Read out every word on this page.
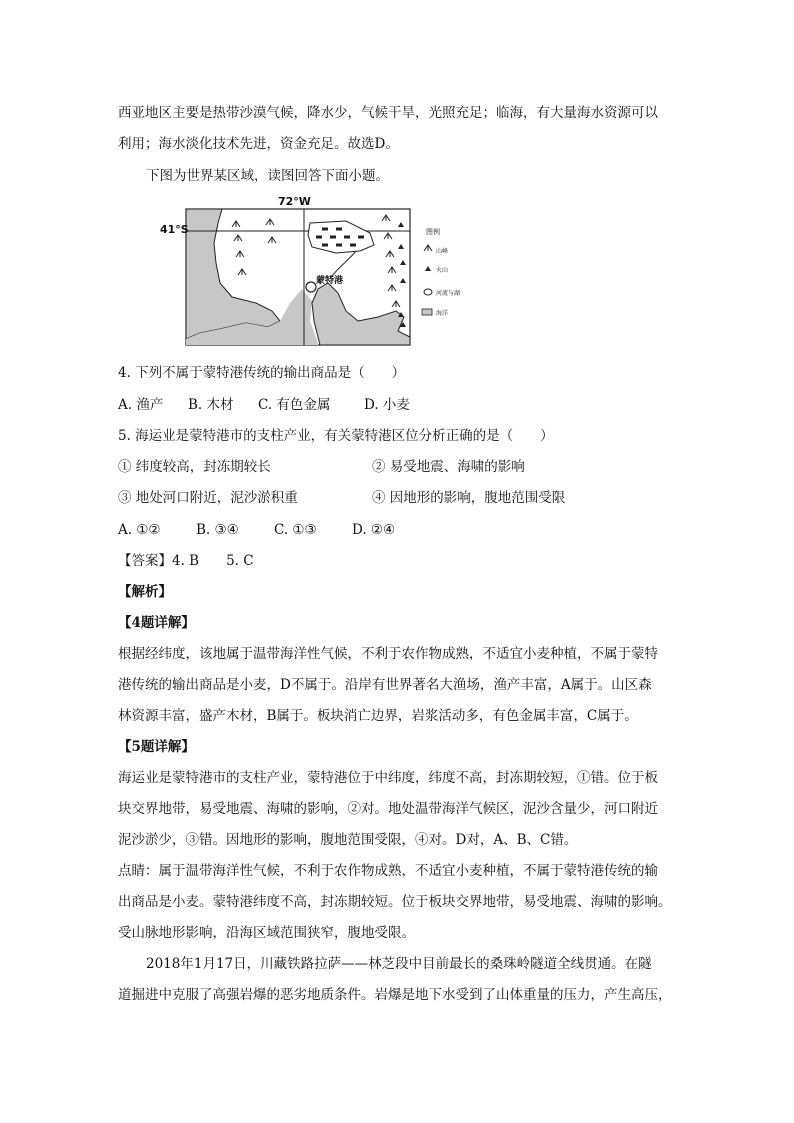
西亚地区主要是热带沙漠气候，降水少，气候干旱，光照充足；临海，有大量海水资源可以
利用；海水淡化技术先进，资金充足。故选D。
下图为世界某区域，读图回答下面小题。
72°W
41°S
蒙特港
图例
山峰
火山
河流与湖
海洋
4. 下列不属于蒙特港传统的输出商品是（　　）
A. 渔产 B. 木材 C. 有色金属 D. 小麦
5. 海运业是蒙特港市的支柱产业，有关蒙特港区位分析正确的是（　　）
① 纬度较高，封冻期较长	② 易受地震、海啸的影响
③ 地处河口附近，泥沙淤积重	④ 因地形的影响，腹地范围受限
A. ①②	B. ③④	C. ①③	D. ②④
【答案】4. B　　5. C
【解析】
【4题详解】
根据经纬度，该地属于温带海洋性气候，不利于农作物成熟，不适宜小麦种植，不属于蒙特
港传统的输出商品是小麦，D不属于。沿岸有世界著名大渔场，渔产丰富，A属于。山区森
林资源丰富，盛产木材，B属于。板块消亡边界，岩浆活动多，有色金属丰富，C属于。
【5题详解】
海运业是蒙特港市的支柱产业，蒙特港位于中纬度，纬度不高，封冻期较短，①错。位于板
块交界地带，易受地震、海啸的影响，②对。地处温带海洋气候区，泥沙含量少，河口附近
泥沙淤少，③错。因地形的影响，腹地范围受限，④对。D对，A、B、C错。
点睛：属于温带海洋性气候，不利于农作物成熟，不适宜小麦种植，不属于蒙特港传统的输
出商品是小麦。蒙特港纬度不高，封冻期较短。位于板块交界地带，易受地震、海啸的影响。
受山脉地形影响，沿海区域范围狭窄，腹地受限。
2018年1月17日，川藏铁路拉萨——林芝段中目前最长的桑珠岭隧道全线贯通。在隧
道掘进中克服了高强岩爆的恶劣地质条件。岩爆是地下水受到了山体重量的压力，产生高压，
